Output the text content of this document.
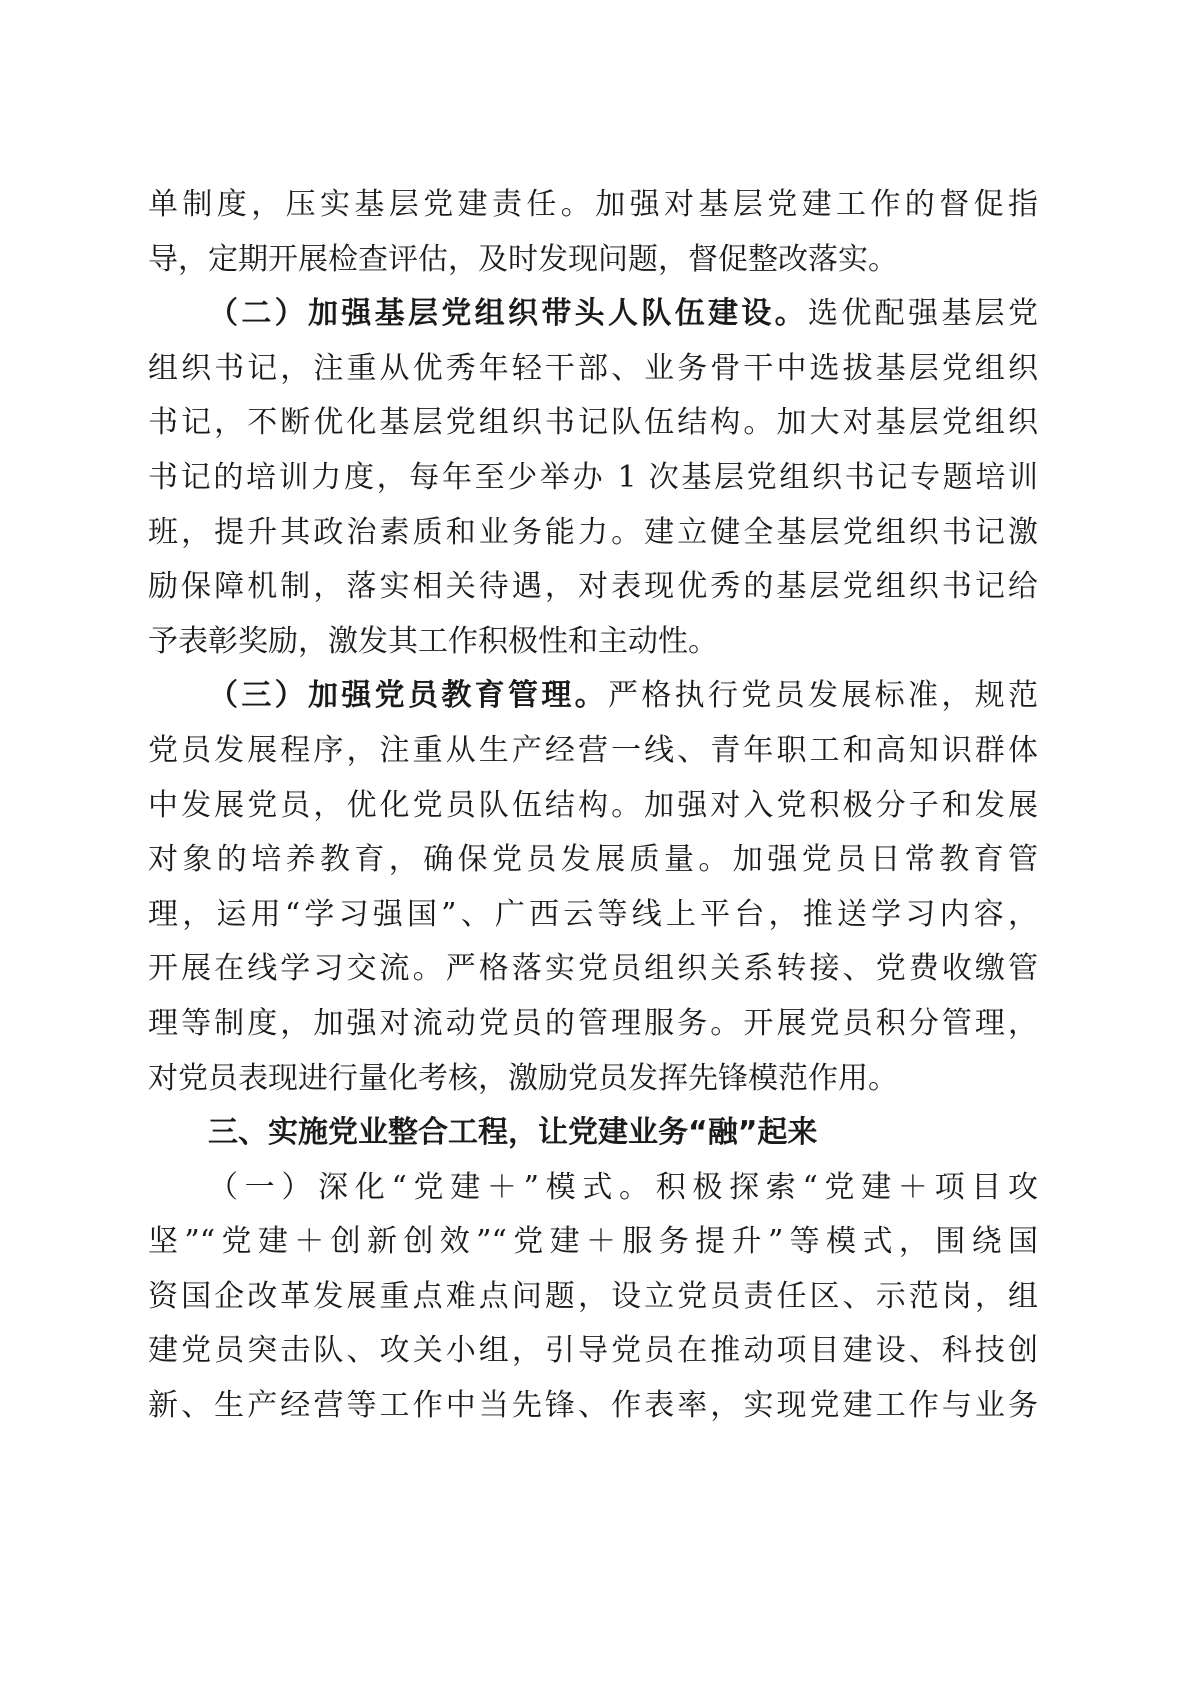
单制度，压实基层党建责任。加强对基层党建工作的督促指
导，定期开展检查评估，及时发现问题，督促整改落实。
（二）加强基层党组织带头人队伍建设。选优配强基层党
组织书记，注重从优秀年轻干部、业务骨干中选拔基层党组织
书记，不断优化基层党组织书记队伍结构。加大对基层党组织
书记的培训力度，每年至少举办 1 次基层党组织书记专题培训
班，提升其政治素质和业务能力。建立健全基层党组织书记激
励保障机制，落实相关待遇，对表现优秀的基层党组织书记给
予表彰奖励，激发其工作积极性和主动性。
（三）加强党员教育管理。严格执行党员发展标准，规范
党员发展程序，注重从生产经营一线、青年职工和高知识群体
中发展党员，优化党员队伍结构。加强对入党积极分子和发展
对象的培养教育，确保党员发展质量。加强党员日常教育管
理，运用“学习强国”、广西云等线上平台，推送学习内容，
开展在线学习交流。严格落实党员组织关系转接、党费收缴管
理等制度，加强对流动党员的管理服务。开展党员积分管理，
对党员表现进行量化考核，激励党员发挥先锋模范作用。
三、实施党业整合工程，让党建业务“融”起来
（一）深化“党建＋”模式。积极探索“党建＋项目攻
坚”“党建＋创新创效”“党建＋服务提升”等模式，围绕国
资国企改革发展重点难点问题，设立党员责任区、示范岗，组
建党员突击队、攻关小组，引导党员在推动项目建设、科技创
新、生产经营等工作中当先锋、作表率，实现党建工作与业务
